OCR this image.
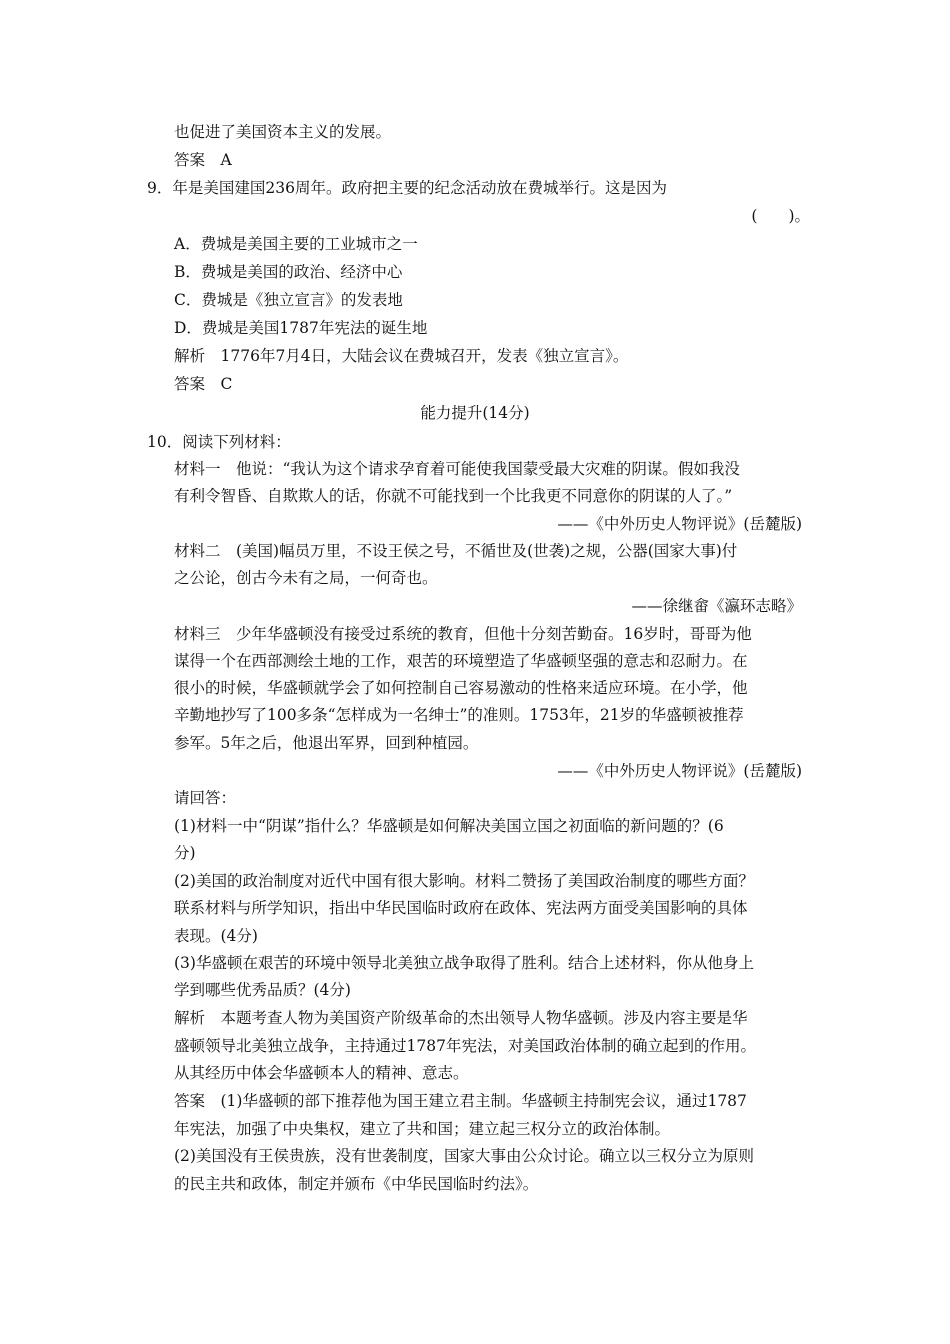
也促进了美国资本主义的发展。
答案　A
9．年是美国建国236周年。政府把主要的纪念活动放在费城举行。这是因为
(　　)。
A．费城是美国主要的工业城市之一
B．费城是美国的政治、经济中心
C．费城是《独立宣言》的发表地
D．费城是美国1787年宪法的诞生地
解析　1776年7月4日，大陆会议在费城召开，发表《独立宣言》。
答案　C
能力提升(14分)
10．阅读下列材料：
材料一　他说：“我认为这个请求孕育着可能使我国蒙受最大灾难的阴谋。假如我没
有利令智昏、自欺欺人的话，你就不可能找到一个比我更不同意你的阴谋的人了。”
——《中外历史人物评说》(岳麓版)
材料二　(美国)幅员万里，不设王侯之号，不循世及(世袭)之规，公器(国家大事)付
之公论，创古今未有之局，一何奇也。
——徐继畲《瀛环志略》
材料三　少年华盛顿没有接受过系统的教育，但他十分刻苦勤奋。16岁时，哥哥为他
谋得一个在西部测绘土地的工作，艰苦的环境塑造了华盛顿坚强的意志和忍耐力。在
很小的时候，华盛顿就学会了如何控制自己容易激动的性格来适应环境。在小学，他
辛勤地抄写了100多条“怎样成为一名绅士”的准则。1753年，21岁的华盛顿被推荐
参军。5年之后，他退出军界，回到种植园。
——《中外历史人物评说》(岳麓版)
请回答：
(1)材料一中“阴谋”指什么？华盛顿是如何解决美国立国之初面临的新问题的？(6
分)
(2)美国的政治制度对近代中国有很大影响。材料二赞扬了美国政治制度的哪些方面？
联系材料与所学知识，指出中华民国临时政府在政体、宪法两方面受美国影响的具体
表现。(4分)
(3)华盛顿在艰苦的环境中领导北美独立战争取得了胜利。结合上述材料，你从他身上
学到哪些优秀品质？(4分)
解析　本题考查人物为美国资产阶级革命的杰出领导人物华盛顿。涉及内容主要是华
盛顿领导北美独立战争，主持通过1787年宪法，对美国政治体制的确立起到的作用。
从其经历中体会华盛顿本人的精神、意志。
答案　(1)华盛顿的部下推荐他为国王建立君主制。华盛顿主持制宪会议，通过1787
年宪法，加强了中央集权，建立了共和国；建立起三权分立的政治体制。
(2)美国没有王侯贵族，没有世袭制度，国家大事由公众讨论。确立以三权分立为原则
的民主共和政体，制定并颁布《中华民国临时约法》。
